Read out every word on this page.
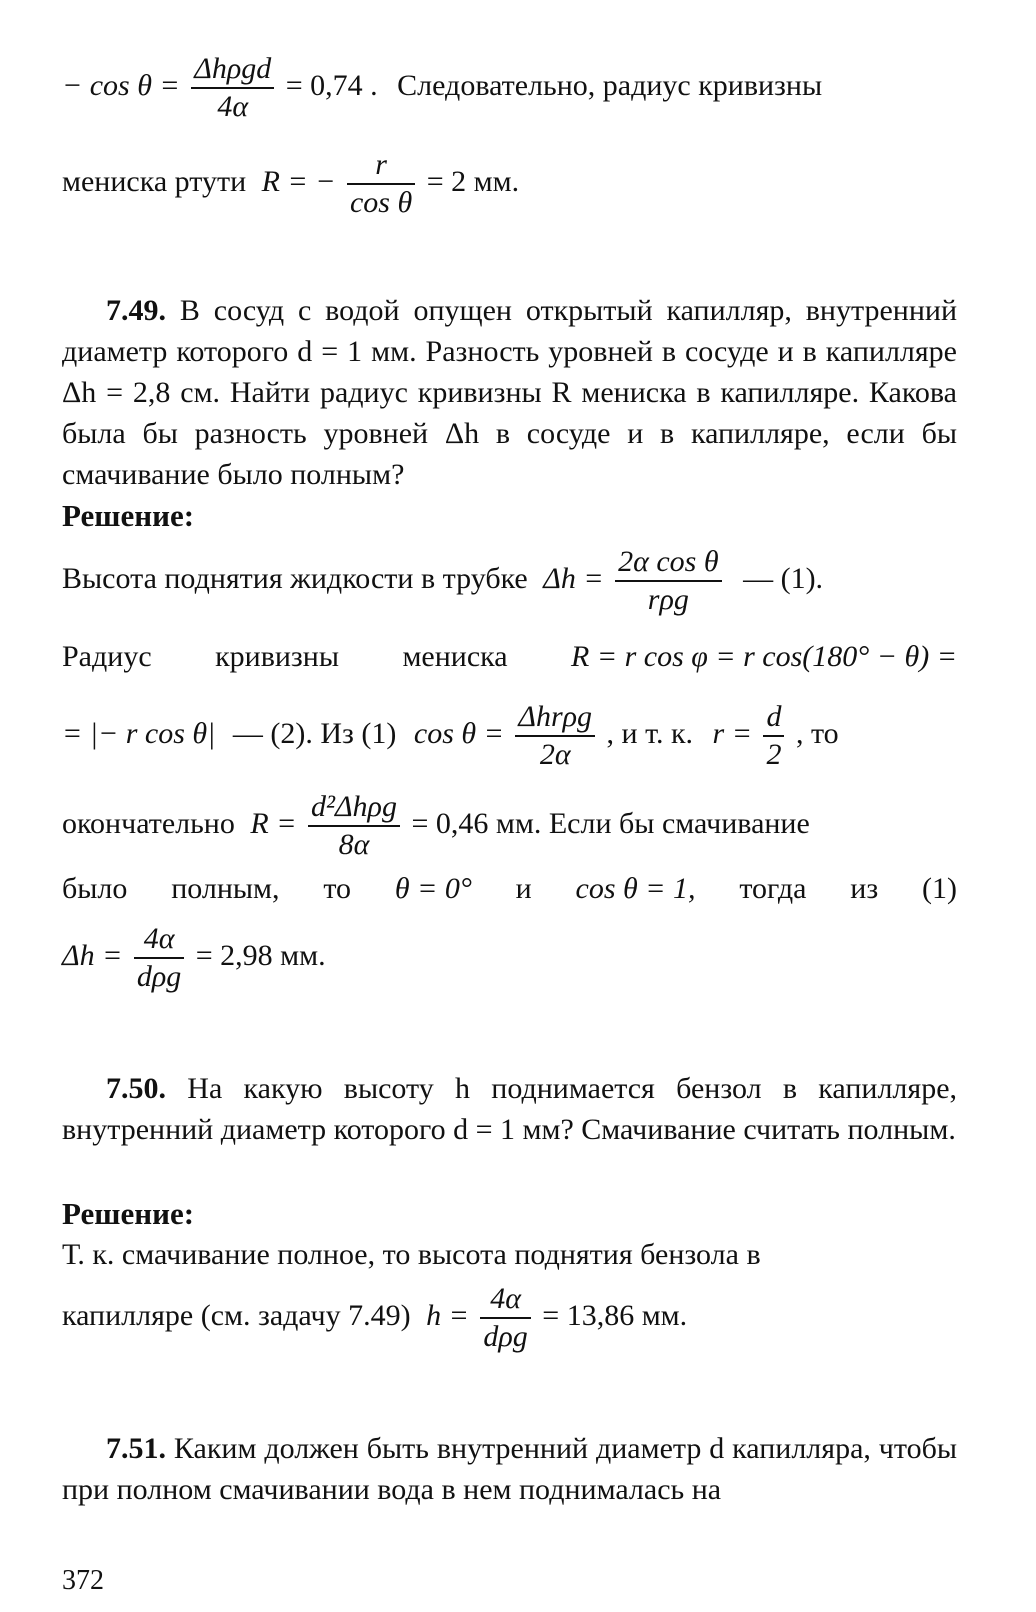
− $\cos \theta = \frac{\text{Δhρgd}}{4\alpha} = 0,74$ . Следовательно, радиус кривизны
мениска ртути R = − $\frac{r}{\text{cos θ}} = 2$ мм.
7.49. В сосуд с водой опущен открытый капилляр, внутренний диаметр которого d = 1 мм. Разность уровней в сосуде и в капилляре Δh = 2,8 см. Найти радиус кривизны R мениска в капилляре. Какова была бы разность уровней Δh в сосуде и в капилляре, если бы смачивание было полным?
Решение:
Высота поднятия жидкости в трубке $\Delta h = \frac{\text{2α cos θ}}{\text{rρg}}$ — (1).
Радиус кривизны мениска R = r cos φ = r cos(180° − θ) =
= |− r cos θ| — (2). Из (1) $\cos \theta = \frac{\text{Δhrρg}}{2\alpha}$ , и т. к. $r = \frac{d}{2}$ , то
окончательно $R = \frac{\text{d²Δhρg}}{8\alpha} = 0,46$ мм. Если бы смачивание
было полным, то θ = 0° и cos θ = 1, тогда из (1)
$\Delta h = \frac{4\alpha}{\text{dρg}} = 2,98$ мм.
7.50. На какую высоту h поднимается бензол в капилляре, внутренний диаметр которого d = 1 мм? Смачивание считать полным.
Решение:
Т. к. смачивание полное, то высота поднятия бензола в
капилляре (см. задачу 7.49) $h = \frac{4\alpha}{\text{dρg}} = 13,86$ мм.
7.51. Каким должен быть внутренний диаметр d капилляра, чтобы при полном смачивании вода в нем поднималась на
372
